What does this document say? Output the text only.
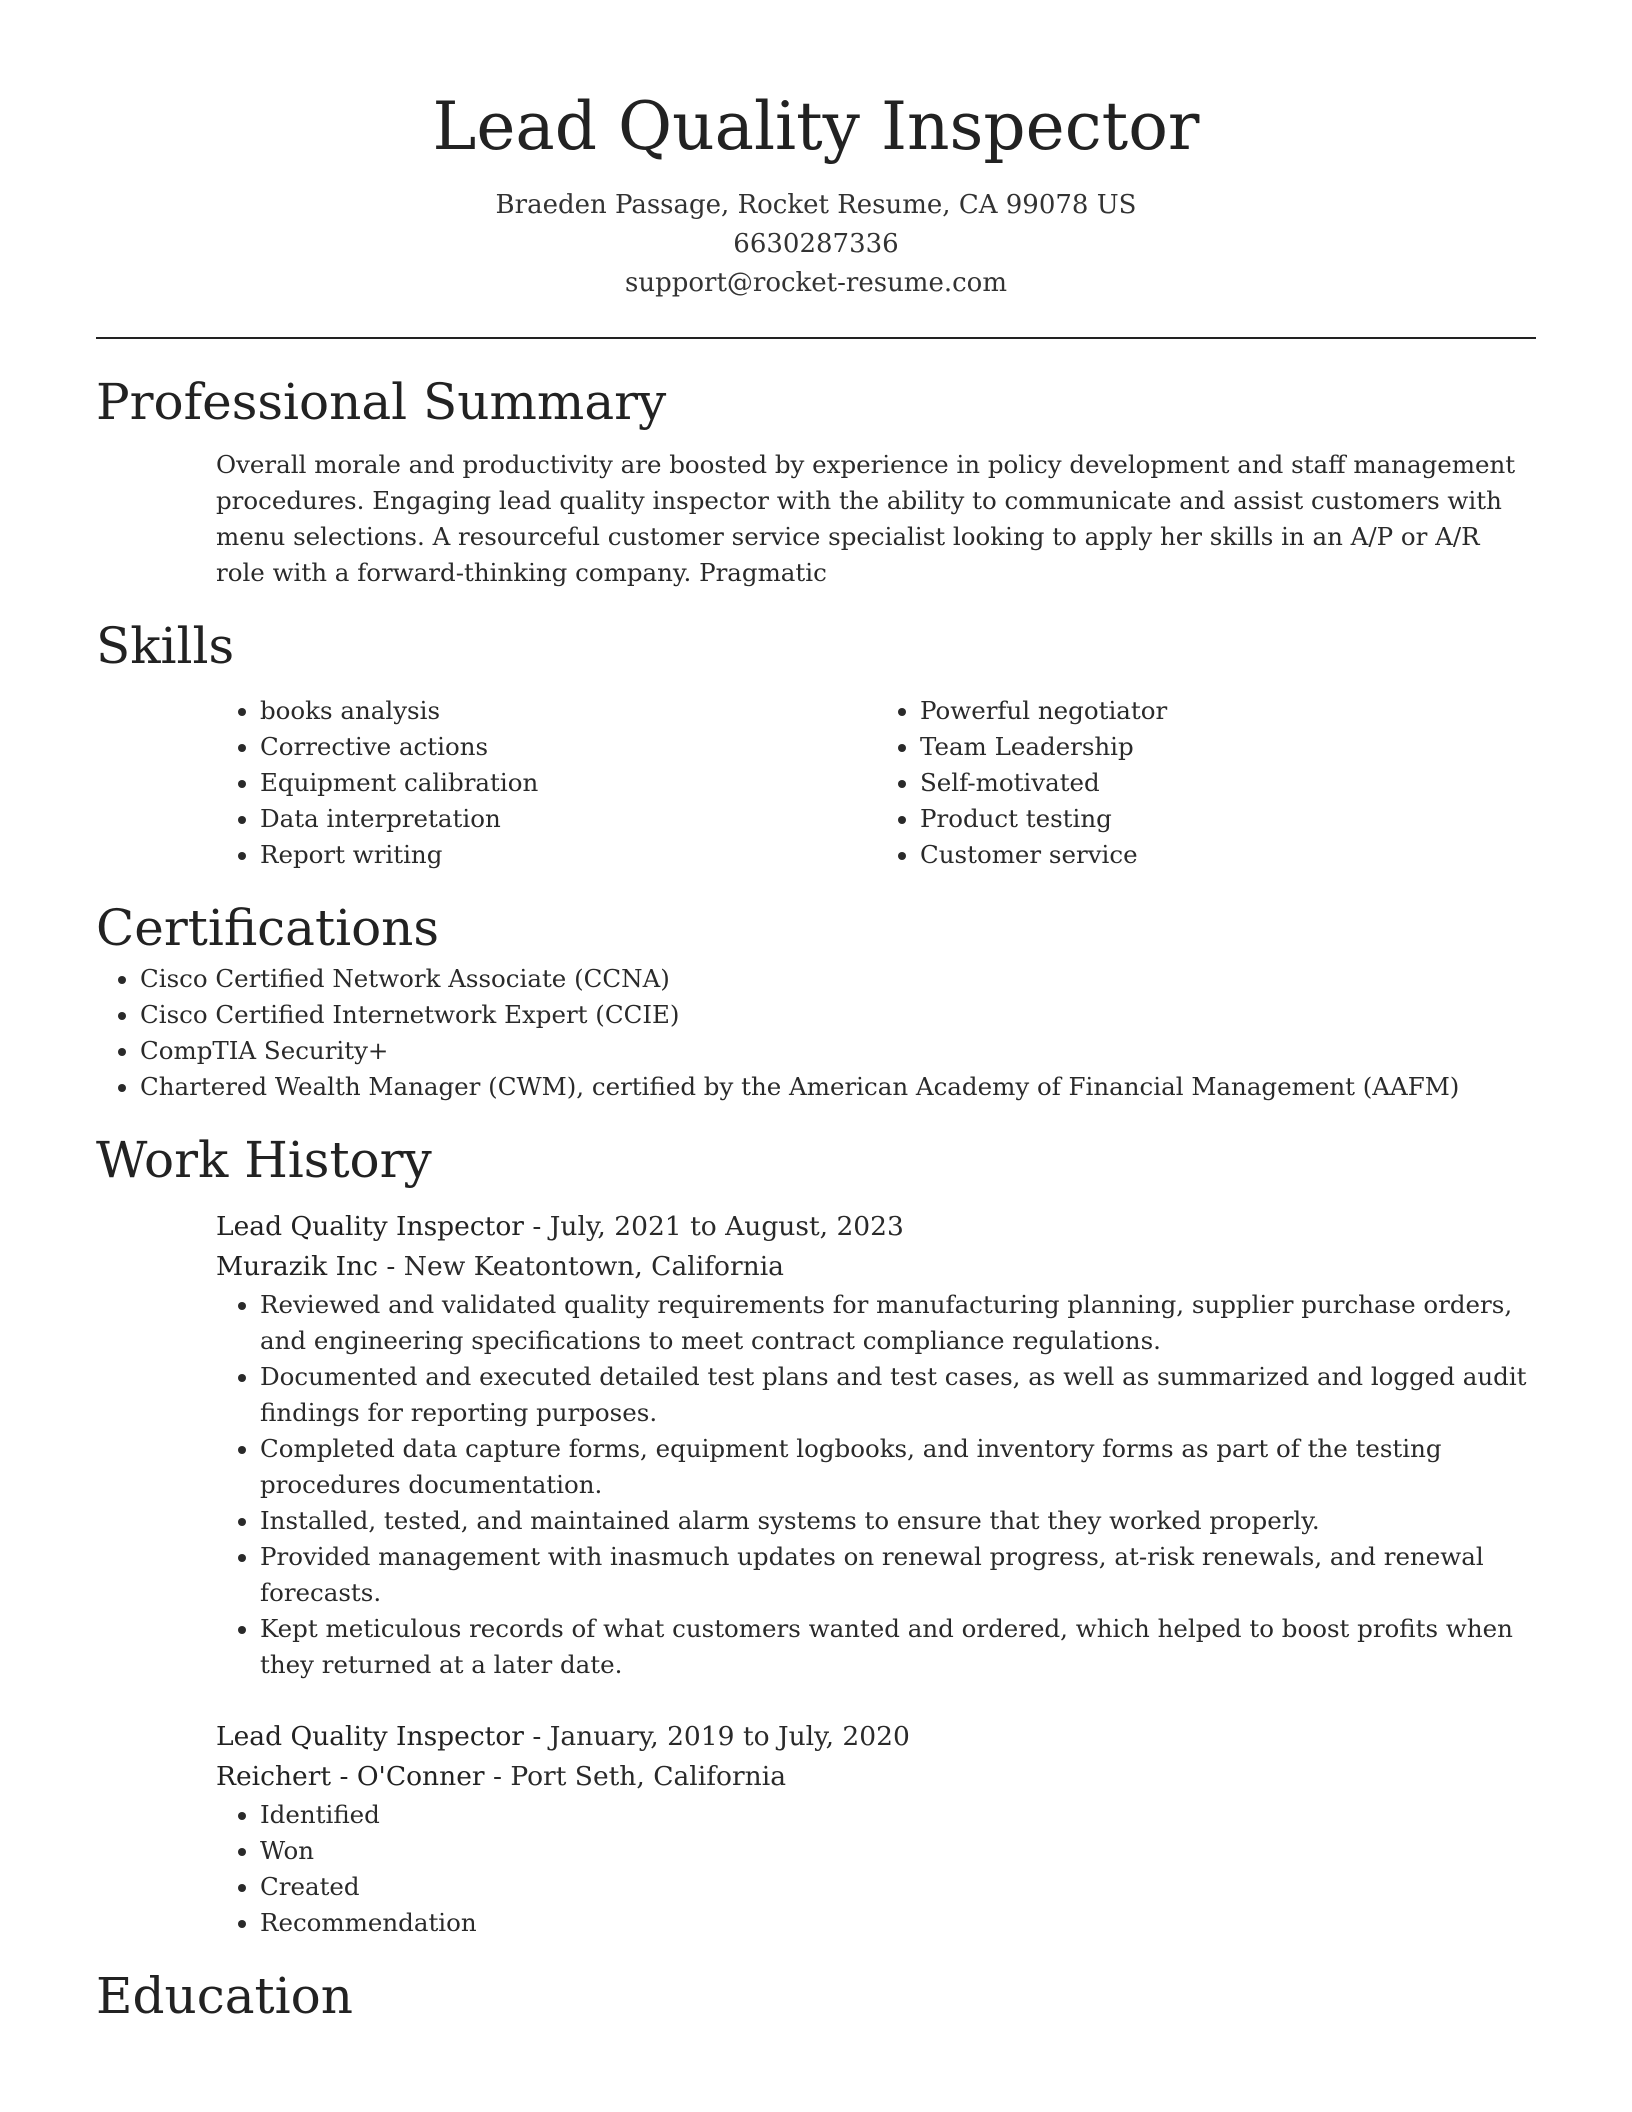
Lead Quality Inspector
Braeden Passage, Rocket Resume, CA 99078 US
6630287336
support@rocket-resume.com
Professional Summary

Overall morale and productivity are boosted by experience in policy development and staff management procedures. Engaging lead quality inspector with the ability to communicate and assist customers with menu selections. A resourceful customer service specialist looking to apply her skills in an A/P or A/R role with a forward-thinking company. Pragmatic

Skills
• books analysis
• Corrective actions
• Equipment calibration
• Data interpretation
• Report writing
• Powerful negotiator
• Team Leadership
• Self-motivated
• Product testing
• Customer service
Certifications
• Cisco Certified Network Associate (CCNA)
• Cisco Certified Internetwork Expert (CCIE)
• CompTIA Security+
• Chartered Wealth Manager (CWM), certified by the American Academy of Financial Management (AAFM)
Work History
Lead Quality Inspector - July, 2021 to August, 2023
Murazik Inc - New Keatontown, California
• Reviewed and validated quality requirements for manufacturing planning, supplier purchase orders, and engineering specifications to meet contract compliance regulations.
• Documented and executed detailed test plans and test cases, as well as summarized and logged audit findings for reporting purposes.
• Completed data capture forms, equipment logbooks, and inventory forms as part of the testing procedures documentation.
• Installed, tested, and maintained alarm systems to ensure that they worked properly.
• Provided management with inasmuch updates on renewal progress, at-risk renewals, and renewal forecasts.
• Kept meticulous records of what customers wanted and ordered, which helped to boost profits when they returned at a later date.
Lead Quality Inspector - January, 2019 to July, 2020
Reichert - O'Conner - Port Seth, California
• Identified
• Won
• Created
• Recommendation
Education
